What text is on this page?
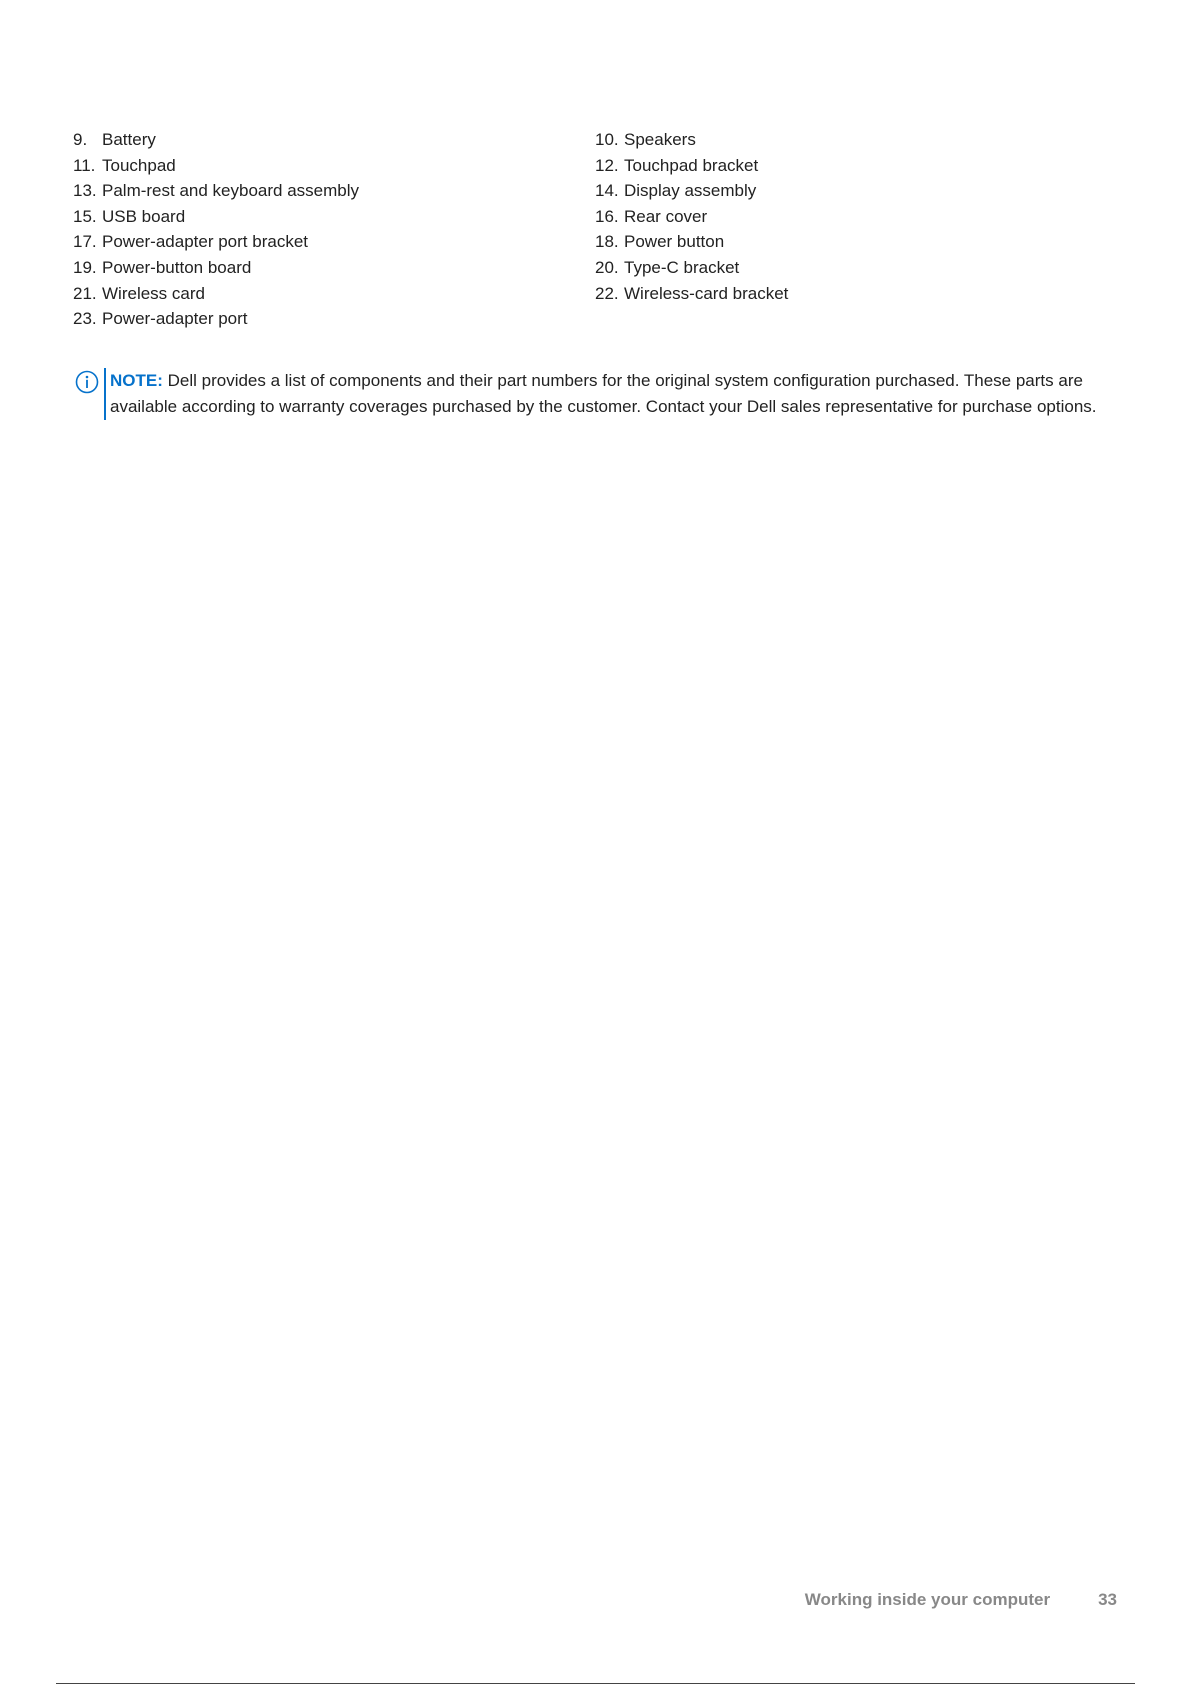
9. Battery	10. Speakers
11. Touchpad	12. Touchpad bracket
13. Palm-rest and keyboard assembly	14. Display assembly
15. USB board	16. Rear cover
17. Power-adapter port bracket	18. Power button
19. Power-button board	20. Type-C bracket
21. Wireless card	22. Wireless-card bracket
23. Power-adapter port
NOTE: Dell provides a list of components and their part numbers for the original system configuration purchased. These parts are available according to warranty coverages purchased by the customer. Contact your Dell sales representative for purchase options.
Working inside your computer	33
